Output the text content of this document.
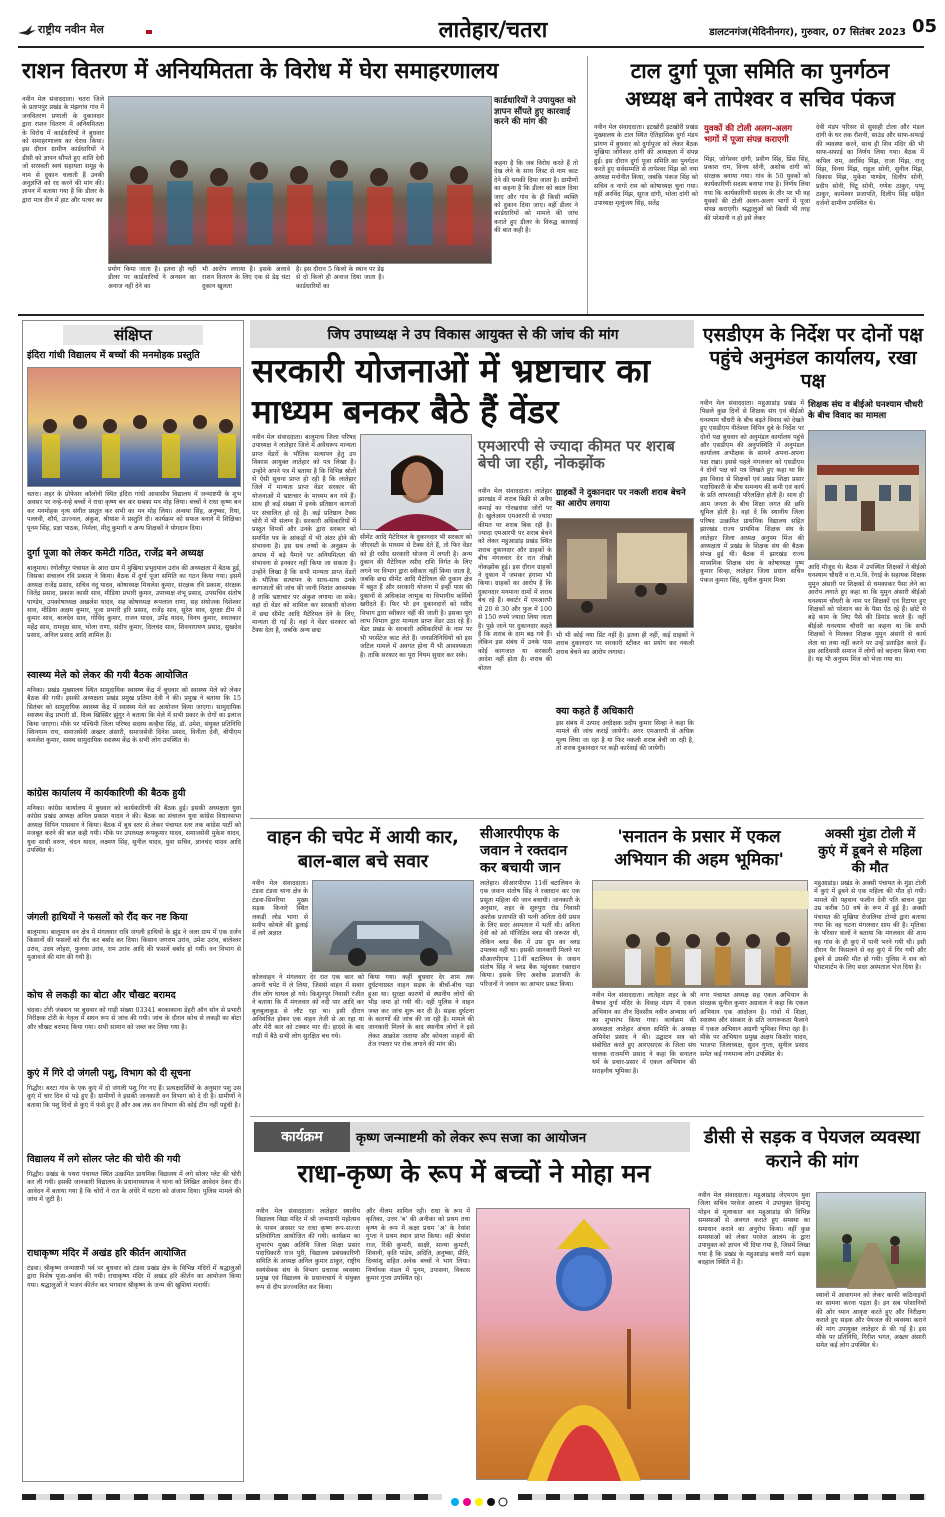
राष्ट्रीय नवीन मेल	लातेहार/चतरा	डालटनगंज(मेदिनीनगर), गुरुवार, 07 सितंबर 2023 05
राशन वितरण में अनियमितता के विरोध में घेरा समाहरणालय
नवीन मेल संवाददाता। चतरा जिले के प्रतापपुर प्रखंड के मंझगांव गांव में जनवितरण प्रणाली के दुकानदार द्वारा राशन वितरण में अनियमितता के विरोध में कार्डधारियों ने बुधवार को समाहरणालय का घेराव किया। इस दौरान ग्रामीण कार्डधारियों ने डीसी को ज्ञापन सौंपते हुए शांति देवी जो सरस्वती स्वयं सहायता समूह के नाम से दुकान चलाती हैं उनकी अनुज्ञप्ति को रद करने की मांग की। ज्ञापन में बताया गया है कि डीलर के द्वारा मात्र दीन में हाट और पत्थर का
कार्डधारियों ने उपायुक्त को ज्ञापन सौंपते हुए कारवाई करने की मांग की
कहना है कि जब विरोध करते हैं तो देख लेने के साथ लिस्ट से नाम काट देने की धमकी दिया जाता है। ग्रामीणों का कहना है कि डीलर को बदल दिया जाए और गांव के ही किसी व्यक्ति को दुकान दिया जाए। वहीं डीलर ने कार्डधारियों को मामले की जांच कराते हुए डीलर के विरुद्ध कारवाई की बात कही है।
प्रयोग किया जाता है। इतना ही नहीं डीलर पर कार्डधारियों ने अनसन का अनाज नहीं देने का
भी आरोप लगाया है। इसके अलावे राशन वितरण के लिए एक से डेढ़ घंटा दुकान खुलता
है। इस दौरान 5 किलो के स्थान पर डेढ़ से दो किलो ही अनाज दिया जाता है। कार्डधारियों का
टाल दुर्गा पूजा समिति का पुनर्गठन
अध्यक्ष बने तापेश्वर व सचिव पंकज
नवीन मेल संवाददाता। इटखोरी इटखोरी प्रखंड मुख्यालय के टाल स्थित ऐतिहासिक दुर्गा मंडप प्रांगण में बुधवार को दुर्गापूजा को लेकर बैठक मुखिया जोगेश्वर दांगी की अध्यक्षता में संपन्न हुई। इस दौरान दुर्गा पूजा समिति का पुनर्गठन करते हुए सर्वसम्मति से तापेश्वर मिंझ को नया अध्यक्ष मनोनीत किया, जबकि पंकज सिंह को सचिव व नागो राम को कोषाध्यक्ष चुना गया। वहीं अरविंद मिंझ, सूरज दांगी, भोला दांगी को उपाध्यक्ष मृत्युंजय सिंह, सतेंद्र
युवकों की टोली अलग-अलग भागों में पूजा संपन्न कराएगी
मिंझ, जोगेश्वर दांगी, प्रवीण सिंह, प्रिंस सिंह, प्रकाश राम, विनय सोनी, अशोक दांगी को संरक्षक बनाया गया। गांव के 50 युवकों को कार्यकारिणी सदस्य बनाया गया है। निर्णय लिया गया कि कार्यकारिणी सदस्य के तौर पर भी वह युवकों की टोली अलग-अलग भागों में पूजा संपन्न कराएगी। श्रद्धालुओं को किसी भी तरह की परेशानी न हो इसे लेकर
देवी मंडप परिसर से सुसाही टोला और मंडल दांगी के घर तक रौशनी, साउंड और साफ-सफाई की व्यवस्था करने, साथ ही शिव मंदिर की भी साफ-सफाई का निर्णय लिया गया। बैठक में कपिल राम, अरविंद मिंझ, राजा मिंझ, राजू मिंझ, विनय मिंझ, राहुल सोनी, सुनील मिंझ, विकास मिंझ, मुकेश पाण्डेय, दिलीप सोनी, प्रदीप सोनी, पिंटू सोनी, गणेश ठाकुर, पप्पू ठाकुर, कामेश्वर प्रजापति, दिलीप सिंह सहित दर्जनों ग्रामीण उपस्थित थे।
संक्षिप्त
इंदिरा गांधी विद्यालय में बच्चों की मनमोहक प्रस्तुति
चतरा। शहर के प्रोफेसर कॉलोनी स्थित इंदिरा गांधी आवासीय विद्यालय में जन्माष्टमी के शुभ अवसर पर नन्हे-नन्हे बच्चों ने राधा कृष्ण बन कर सबका मन मोह लिया। बच्चों ने राधा कृष्ण बन कर मनमोहक नृत्य संगीत प्रस्तुत कर सभी का मन मोह लिया। अन्वया सिंह, अनुष्का, रिया, पल्लवी, शौर्य, उज्ज्वल, अंकुश, श्रीयांश ने प्रस्तुति दी। कार्यक्रम को सफल बनाने में शिक्षिका पूनम सिंह, प्रज्ञा पाठक, निर्मला, मीतू कुमारी व अन्य शिक्षकों ने योगदान दिया।
दुर्गा पूजा को लेकर कमेटी गठित, राजेंद्र बने अध्यक्ष
बालूमाथ। रंगोलीपुर पंचायत के आरा ग्राम में मुखिया प्रभुदयाल उरांव की अध्यक्षता में बैठक हुई, जिसका संचालन रवि प्रकाश ने किया। बैठक में दुर्गा पूजा समिति का गठन किया गया। इसमें अध्यक्ष राजेंद्र प्रसाद, सचिव नंदू यादव, कोषाध्यक्ष मिथलेश कुमार, संरक्षक रवि प्रकाश, संरक्षक जितेंद्र प्रसाद, प्रकाश कासी साव, मीडिया प्रभारी कुमार, उपाध्यक्ष शंभू प्रसाद, उपसचिव संतोष पाण्डेय, उपकोषाध्यक्ष अखलेश यादव, सह कोषाध्यक्ष रूपलाल राणा, सह संयोजक विशेश्वर साव, मीडिया अक्षय कुमार, पूजा प्रभारी हरि प्रसाद, राजेंद्र साव, सुरेश साव, सुरक्षा टीम में कुमार साव, बालदेव साव, गोविंद कुमार, राजन यादव, उपेंद्र यादव, विनय कुमार, स्नातकार महेंद्र साव, रामवृक्ष साव, भोला राणा, संदीप कुमार, दिलचंद साव, शिवनारायण प्रसाद, सुखदेव प्रसाद, अनिल प्रसाद आदि शामिल हैं।
स्वास्थ्य मेले को लेकर की गयी बैठक आयोजित
मनिका। प्रखंड मुख्यालय स्थित सामुदायिक स्वास्थ्य केंद्र में बुधवार को स्वास्थ्य मेले को लेकर बैठक की गयी। इसकी अध्यक्षता प्रखंड प्रमुख प्रतिमा देवी ने की। प्रमुख ने बताया कि 15 सितंबर को सामुदायिक स्वास्थ्य केंद्र में स्वास्थ्य मेले का आयोजन किया जाएगा। सामुदायिक स्वास्थ्य केंद्र प्रभारी डॉ. दिव्य खिस्सिर झुंगुर ने बताया कि मेले में सभी प्रकार के रोगों का इलाज किया जाएगा। मौके पर पश्चिमी जिला परिषद सदस्य कन्हैया सिंह, डॉ. उमेश, संयुक्त प्रतिनिधि स्विनगाम राय, समाजसेवी अख्तर अंसारी, समाजसेवी दिनेश प्रसाद, विनीता देवी, बीपीएम कमलेश कुमार, स्वस्थ सामुदायिक स्वास्थ्य केंद्र के सभी लोग उपस्थित थे।
कांग्रेस कार्यालय में कार्यकारिणी की बैठक हुयी
मनिका। कांग्रेस कार्यालय में बुधवार को कार्यकारिणी की बैठक हुई। इसकी अध्यक्षता युवा कांग्रेस प्रखंड अध्यक्ष अनिल प्रकाश यादव ने की। बैठक का संचालन युवा कांग्रेस विधानसभा अध्यक्ष विपिन पासवान ने किया। बैठक में बूथ स्तर से लेकर पंचायत स्तर तक कांग्रेस पार्टी को मजबूत करने की बात कही गयी। मौके पर उपाध्यक्ष रूपकुमार यादव, समाजसेवी मुकेश यादव, युवा साथी वरुण, चंदन यादव, लक्ष्मण सिंह, सुनील यादव, युवा सचिव, ज्ञानचंद यादव आदि उपस्थित थे।
जंगली हाथियों ने फसलों को रौंद कर नष्ट किया
बालूमाथ। बालूमाथ वन क्षेत्र में मंगलवार रात्रि जंगली हाथियों के झुंड ने जला ग्राम में एक दर्जन किसानों की फसलों को रौंद कर बर्बाद कर दिया। किसान जगराम उरांव, उमेश उरांव, बालेश्वर उरांव, उदय लोहरा, फुलवा उरांव, राम उरांव आदि की फसलें बर्बाद हो गयीं। वन विभाग से मुआवजे की मांग की गयी है।
कोच से लकड़ी का बोटा और चौखट बरामद
चंदवा। टोरी जंक्शन पर बुधवार को गाड़ी संख्या 03341 बरकाकाना डेहरी ऑन सोन से प्रभारी निरीक्षक टोरी के नेतृत्व में सघन रूप से जांच की गयी। जांच के दौरान कोच से लकड़ी का बोटा और चौखट बरामद किया गया। सभी सामान को जब्त कर लिया गया है।
कुएं में गिरे दो जंगली पशु, विभाग को दी सूचना
गिद्धौर। बरटा गांव के एक कुएं में दो जंगली पशु गिर गए हैं। प्रत्यक्षदर्शियों के अनुसार पशु उस कुएं में चार दिन से पड़े हुए हैं। ग्रामीणों ने इसकी जानकारी वन विभाग को दे दी है। ग्रामीणों ने बताया कि पशु दिनों से कुएं में फंसे हुए हैं और अब तक वन विभाग की कोई टीम नहीं पहुंची है।
विद्यालय में लगे सोलर प्लेट की चोरी की गयी
गिद्धौर। प्रखंड के पथरा पंचायत स्थित उत्क्रमित प्राथमिक विद्यालय में लगे सोलर प्लेट की चोरी कर ली गयी। इसकी जानकारी विद्यालय के प्रधानाध्यापक ने थाना को लिखित आवेदन देकर दी। आवेदन में बताया गया है कि चोरों ने रात के अंधेरे में घटना को अंजाम दिया। पुलिस मामले की जांच में जुटी है।
राधाकृष्ण मंदिर में अखंड हरि कीर्तन आयोजित
टंडवा। श्रीकृष्ण जन्माष्टमी पर्व पर बुधवार को टंडवा प्रखंड क्षेत्र के विभिन्न मंदिरों में श्रद्धालुओं द्वारा विशेष पूजा-अर्चना की गयी। राधाकृष्ण मंदिर में अखंड हरि कीर्तन का आयोजन किया गया। श्रद्धालुओं ने भजन कीर्तन कर भगवान श्रीकृष्ण के जन्म की खुशियां मनायीं।
जिप उपाध्यक्ष ने उप विकास आयुक्त से की जांच की मांग
सरकारी योजनाओं में भ्रष्टाचार का माध्यम बनकर बैठे हैं वेंडर
नवीन मेल संवाददाता। बालूमाथ जिला परिषद उपाध्यक्ष ने लातेहार जिले में अवैधरूप मान्यता प्राप्त वेंडरों के भौतिक सत्यापन हेतु उप विकास आयुक्त लातेहार को पत्र लिखा है। उन्होंने अपने पत्र में बताया है कि विभिन्न स्रोतों से ऐसी सूचना प्राप्त हो रही है कि लातेहार जिले में मान्यता प्राप्त वेंडर सरकार की योजनाओं में भ्रष्टाचार के माध्यम बन गये हैं। साथ ही कई संख्या में इनके प्रतिष्ठान कागजों पर संचालित हो रहे हैं। कई प्रतिष्ठान टैक्स चोरी में भी संलग्न हैं। सरकारी अधिकारियों में प्रस्तुत विपत्रों और उनके द्वारा सरकार को समर्पित पत्र के आंकड़ों में भी अंतर होने की संभावना है। इस सब तथ्यों के अनुक्रम के अभाव में बड़े पैमाने पर अनियमितता की संभावना से इनकार नहीं किया जा सकता है। उन्होंने लिखा है कि सभी मान्यता प्राप्त वेंडरों के भौतिक सत्यापन के साथ-साथ उनके कागजातों की जांच की जानी नितांत आवश्यक है ताकि भ्रष्टाचार पर अंकुश लगाया जा सके। वहां दो वेंडर को शामिल कर सरकारी योजना में छद्म सीमेंट आदि मैटेरियल देने के लिए, मान्यता दी गई है। वहां ने वेंडर सरकार को टैक्स देता है, जबकि अन्य छद्म
सीमेंट आदि मैटेरियल के दुकानदार भी सरकार को जीएसटी के माध्यम से टैक्स देते हैं, तो फिर वेंडर को ही रसीद सरकारी योजना में लगती है। अन्य दुकान की मैटेरियल रसीद राशि निर्गत के लिए लगने पर विभाग द्वारा स्वीकार नहीं किया जाता है, जबकि छद्म सीमेंट आदि मैटेरियल की दुकान क्षेत्र में बहुत हैं और सरकारी योजना में इन्हीं पास की दुकानों से अधिकांश लाभुक या विभागीय कर्मियों खरीदते हैं। फिर भी इन दुकानदारों को रसीद विभाग द्वारा स्वीकार नहीं की जाती है। इसका पूरा लाभ विभाग द्वारा मान्यता प्राप्त वेंडर उठा रहे हैं। वेंडर प्रखंड के सरकारी अधिकारियों के नाम पर भी परसेंटेज काट लेते हैं। जनप्रतिनिधियों को इस जटिल मामले में अवगत होना मैं भी आवश्यकता है। ताकि सरकार का पूरा नियम सुधार कर सके।
एमआरपी से ज्यादा कीमत पर शराब बेची जा रही, नोकझोंक
नवीन मेल संवाददाता। लातेहार झारखंड में शराब बिक्री से अवैध कमाई का गोरखधंधा जोरों पर है। खुलेआम एमआरपी से ज्यादा कीमत पर शराब बिक रही है। ज्यादा एमआरपी पर शराब बेचने को लेकर महुआडांड़ प्रखंड स्थित शराब दुकानदार और ग्राहकों के बीच मंगलवार देर रात तीखी नोकझोंक हुई। इस दौरान ग्राहकों ने दुकान में जमकर हंगामा भी किया। ग्राहकों का आरोप है कि दुकानदार मनमाना दामों में शराब बेच रहे हैं। क्वार्टर में एमआरपी से 20 से 30 और फुल में 100 से 150 रुपये ज्यादा लिया जाता है। पूछे जाने पर दुकानदार कहते हैं कि शराब के दाम बढ़ गये हैं। लेकिन इस संबंध में उनके पास कोई कागजात या सरकारी आदेश नहीं होता है। शराब की बोतल
ग्राहकों ने दुकानदार पर नकली शराब बेचने का आरोप लगाया
भी भी कोई नया प्रिंट नहीं है। इतना ही नहीं, कई ग्राहकों ने शराब दुकानदार पर सरकारी स्टीकर का प्रयोग कर नकली शराब बेचने का आरोप लगाया।
क्या कहते हैं अधिकारी
इस संबंध में उत्पाद अधीक्षक प्रदीप कुमार सिन्हा ने कहा कि मामले की जांच कराई जायेगी। अगर एमआरपी से अधिक मूल्य लिया जा रहा है या फिर नकली शराब बेची जा रही है, तो शराब दुकानदार पर कड़ी कार्रवाई की जायेगी।
एसडीएम के निर्देश पर दोनों पक्ष पहुंचे अनुमंडल कार्यालय, रखा पक्ष
नवीन मेल संवाददाता। महुआडांड़ प्रखंड में पिछले कुछ दिनों से शिक्षक संघ एवं बीईओ घनश्याम चौधरी के बीच बढ़ते विवाद को देखते हुए एसडीएम नीतेश्वर विपिन दुबे के निर्देश पर दोनों पक्ष बुधवार को अनुमंडल कार्यालय पहुंचे और एसडीएम की अनुपस्थिति में अनुमंडल कार्यालय अभीक्षक के सामने अपना-अपना पक्ष रखा। इससे पहले मंगलवार को एसडीएम ने दोनों पक्ष को पत्र लिखते हुए कहा था कि इस विवाद से शिक्षकों एवं प्रखंड शिक्षा प्रसार पदाधिकारी के बीच समन्वय की कमी एवं कार्य के प्रति लापरवाही परिलक्षित होती है। साथ ही आम जनता के बीच शिक्षा जगत की छवि धूमिल होती है। वहां दें कि स्थानीय जिला परिषद उत्क्रमित प्राथमिक विद्यालय सहित झारखंड राज्य प्राथमिक शिक्षक संघ के लातेहार जिला अध्यक्ष अनुपम मिंज की अध्यक्षता में प्रखंड के शिक्षक संघ की बैठक संपन्न हुई थी। बैठक में झारखंड राज्य माध्यमिक शिक्षक संघ के कोषाध्यक्ष पुष्प कुमार सिन्हा, लातेहार जिला प्रधान सचिव पंकज कुमार सिंह, सुनील कुमार मिश्रा
शिक्षक संघ व बीईओ घनश्याम चौधरी के बीच विवाद का मामला
आदि मौजूद थे। बैठक में उपस्थित शिक्षकों ने बीईओ घनश्याम चौधरी व रा.म.वि. रेंगाई के सहायक शिक्षक मुमुन अंसारी पर शिक्षकों से धमकाकर पैसा लेने का आरोप लगाते हुए कहा था कि मुमुन अंसारी बीईओ घनश्याम चौधरी के नाम पर शिक्षकों एवं रिटायर हुए शिक्षकों को परेशान कर के पैसा ऐंठ रहे हैं। छोटे से बड़े काम के लिए पैसे की डिमांड करते हैं। वहीं बीईओ घनश्याम चौधरी का कहना था कि सभी शिक्षकों ने मिलकर शिक्षक मुमुन अंसारी से कार्य लेता था तथा नहीं करने पर उन्हें प्रताड़ित करते हैं। इस आदिवासी समाज में लोगों को बदनाम किया गया है। यह भी अनुपम मिंज को भेजा गया था।
वाहन की चपेट में आयी कार, बाल-बाल बचे सवार
नवीन मेल संवाददाता। टंडवा टंडवा थाना क्षेत्र के टंडवा-सिमरिया मुख्य सड़क किनारे स्थित लकड़ी लोड भागा से समीप कोयले की ढुलाई में लगे अज्ञात
कोलवाहन ने मंगलवार देर रात एक कार को अपनी चपेट में ले लिया, जिससे वाहन में सवार तीन लोग घायल हो गये। किशुनपुर निवासी रंजीत ने बताया कि मैं मंगलवार को नदी पार आदि कर बुलबुलाकुड से लौट रहा था। इसी दौरान अनियंत्रित होकर एक वाहन तेजी से आ रहा था और मेरी कार को टक्कर मार दी। हादसे के बाद गाड़ी में बैठे सभी लोग सुरक्षित बच गये।
किया गया। कहीं बुधवार देर शाम तक दुर्घटनाग्रस्त वाहन सड़क के बीचों-बीच पड़ा हुआ था। सुरक्षा कारणों से स्थानीय लोगों की भीड़ जमा हो गयी थी। वहीं पुलिस ने वाहन जब्त कर जांच शुरू कर दी है। सड़क दुर्घटना के कारणों की जांच की जा रही है। मामले की जानकारी मिलने के बाद स्थानीय लोगों ने इसे लेकर आक्रोश जताया और कोयला वाहनों की तेज रफ्तार पर रोक लगाने की मांग की।
सीआरपीएफ के जवान ने रक्तदान कर बचायी जान
लातेहार। सीआरपीएफ 11वीं बटालियन के एक जवान संतोष सिंह ने रक्तदान कर एक प्रसूता महिला की जान बचायी। जानकारी के अनुसार, शहर के सुरुपुरा रोड निवासी अशोक प्रजापति की पत्नी अनिता देवी प्रसव के लिए सदर अस्पताल में भर्ती थी। अनिता देवी को ओ पॉजिटिव ब्लड की जरूरत थी, लेकिन ब्लड बैंक में उस ग्रुप का ब्लड उपलब्ध नहीं था। इसकी जानकारी मिलने पर सीआरपीएफ 11वीं बटालियन के जवान संतोष सिंह ने ब्लड बैंक पहुंचकर रक्तदान किया। इसके लिए अशोक प्रजापति के परिजनों ने जवान का आभार प्रकट किया।
'सनातन के प्रसार में एकल अभियान की अहम भूमिका'
नवीन मेल संवाददाता। लातेहार शहर के श्री वैष्णव दुर्गा मंदिर के विवाह मंडप में एकल अभियान का तीन दिवसीय नवीन अभ्यास वर्ग का शुभारंभ किया गया। कार्यक्रम की अध्यक्षता लातेहार अंचल समिति के अध्यक्ष अमिनेश प्रसाद ने की। उद्घाटन सत्र को संबोधित करते हुए आरएसएस के जिला संघ चालक राजमणि प्रसाद ने कहा कि सनातन धर्म के प्रचार-प्रसार में एकल अभियान की सराहनीय भूमिका है।
अक्सी मुंडा टोली में कुएं में डूबने से महिला की मौत
महुआडांड़। प्रखंड के अक्सी पंचायत के मुंडा टोली में कुएं में डूबने से एक महिला की मौत हो गयी। मामले की पहचान फलीन देवी पति बाचन मुंडा उम्र करीब 50 वर्ष के रूप में हुई है। अक्सी पंचायत की मुखिया रोजलिया टोप्पो द्वारा बताया गया कि वह घटना मंगलवार शाम की है। मृतिका के परिवार वालों ने बताया कि मंगलवार की शाम वह गांव के ही कुएं में पानी भरने गयी थी। इसी दौरान पैर फिसलने से वह कुएं में गिर गयी और डूबने से उसकी मौत हो गयी। पुलिस ने शव को पोस्टमार्टम के लिए सदर अस्पताल भेज दिया है।
नगर पंचायत अध्यक्ष सह एकल अभियान के संरक्षक सुनील कुमार अग्रवाल ने कहा कि एकल अभियान एक आंदोलन है। गांवों में शिक्षा, स्वास्थ्य और संस्कार के प्रति जागरूकता फैलाने में एकल अभियान अग्रणी भूमिका निभा रहा है। मौके पर अभियान प्रमुख अक्षय किशोर यादव, भाजपा जिलाध्यक्ष, सुदन गुप्ता, सुनील प्रसाद समेत कई गणमान्य लोग उपस्थित थे।
कार्यक्रम	कृष्ण जन्माष्टमी को लेकर रूप सजा का आयोजन
राधा-कृष्ण के रूप में बच्चों ने मोहा मन
नवीन मेल संवाददाता। लातेहार स्थानीय विद्यालय विद्या मंदिर में श्री जन्माष्टमी महोत्सव के पावन अवसर पर राधा कृष्ण रूप-सज्जा प्रतियोगिता आयोजित की गयी। कार्यक्रम का शुभारंभ मुख्य अतिथि जिला शिक्षा प्रसार पदाधिकारी राज पुरी, विद्यालय प्रबंधकारिणी समिति के अध्यक्ष अनिल कुमार ठाकुर, राष्ट्रीय स्वयंसेवक संघ के विभाग प्रचारक व्यवस्था प्रमुख एवं विद्यालय के प्रधानाचार्य ने संयुक्त रूप से दीप प्रज्ज्वलित कर किया।
और नीलम शामिल रही। राधा के रूप में कृतिका, उत्तर 'ब' की अनीका को प्रथम तथा कृष्ण के रूप में कक्षा प्रथम 'अ' के रेवांश गुप्ता ने प्रथम स्थान प्राप्त किया। वहीं श्रेयांश राज, रिंकी कुमारी, साक्षी, सान्या कुमारी, शिवानी, कृति पांडेय, अदिति, अनुष्का, प्रीति, दिव्यांशु सहित अनेक बच्चों ने भाग लिया। निर्णायक मंडल में पुनम, उपासना, विकास कुमार गुप्ता उपस्थित रहे।
डीसी से सड़क व पेयजल व्यवस्था कराने की मांग
नवीन मेल संवाददाता। महुआडांड़ जेएमएम युवा जिला सचिव परवेज आलम ने उपायुक्त हिमांशु मोहन से मुलाकात कर महुआडांड़ की विभिन्न समस्याओं से अवगत कराते हुए समस्या का समाधान कराने का अनुरोध किया। वहीं कुछ समस्याओं को लेकर परवेज आलम के द्वारा उपायुक्त को ज्ञापन भी दिया गया है, जिसमें लिखा गया है कि प्रखंड के महुआडांड़ बनारी मार्ग सड़क बदहाल स्थिति में है।
स्थानों में आवागमन को लेकर काफी कठिनाइयों का सामना करना पड़ता है। इन सब परेशानियों की ओर ध्यान आकृष्ट करते हुए और निरीक्षण कराते हुए सड़क और पेयजल की व्यवस्था कराने की मांग उपायुक्त लातेहार से की गई है। इस मौके पर प्रतिनिधि, गिरीश भगत, अख्तर अंसारी समेत कई लोग उपस्थित थे।
